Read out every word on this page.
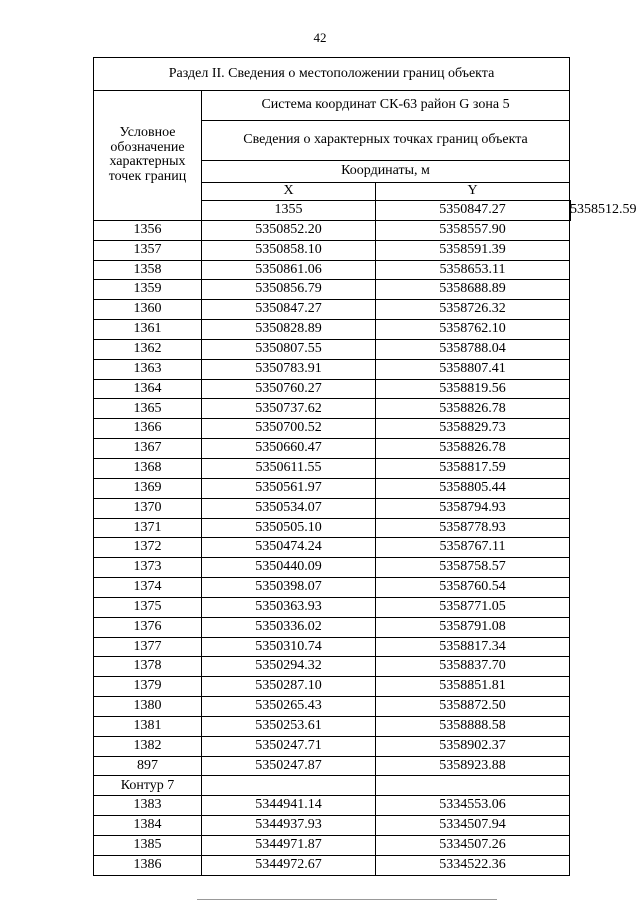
42
Раздел II. Сведения о местоположении границ объекта			

Условное обозначение характерных точек границ	Система координат СК-63 район G зона 5		
	Сведения о характерных точках границ объекта		
	Координаты, м		
	X	Y	
	1355	5350847.27	5358512.59
1356	5350852.20	5358557.90	
1357	5350858.10	5358591.39	
1358	5350861.06	5358653.11	
1359	5350856.79	5358688.89	
1360	5350847.27	5358726.32	
1361	5350828.89	5358762.10	
1362	5350807.55	5358788.04	
1363	5350783.91	5358807.41	
1364	5350760.27	5358819.56	
1365	5350737.62	5358826.78	
1366	5350700.52	5358829.73	
1367	5350660.47	5358826.78	
1368	5350611.55	5358817.59	
1369	5350561.97	5358805.44	
1370	5350534.07	5358794.93	
1371	5350505.10	5358778.93	
1372	5350474.24	5358767.11	
1373	5350440.09	5358758.57	
1374	5350398.07	5358760.54	
1375	5350363.93	5358771.05	
1376	5350336.02	5358791.08	
1377	5350310.74	5358817.34	
1378	5350294.32	5358837.70	
1379	5350287.10	5358851.81	
1380	5350265.43	5358872.50	
1381	5350253.61	5358888.58	
1382	5350247.71	5358902.37	
897	5350247.87	5358923.88	
Контур 7			
1383	5344941.14	5334553.06	
1384	5344937.93	5334507.94	
1385	5344971.87	5334507.26	
1386	5344972.67	5334522.36	
